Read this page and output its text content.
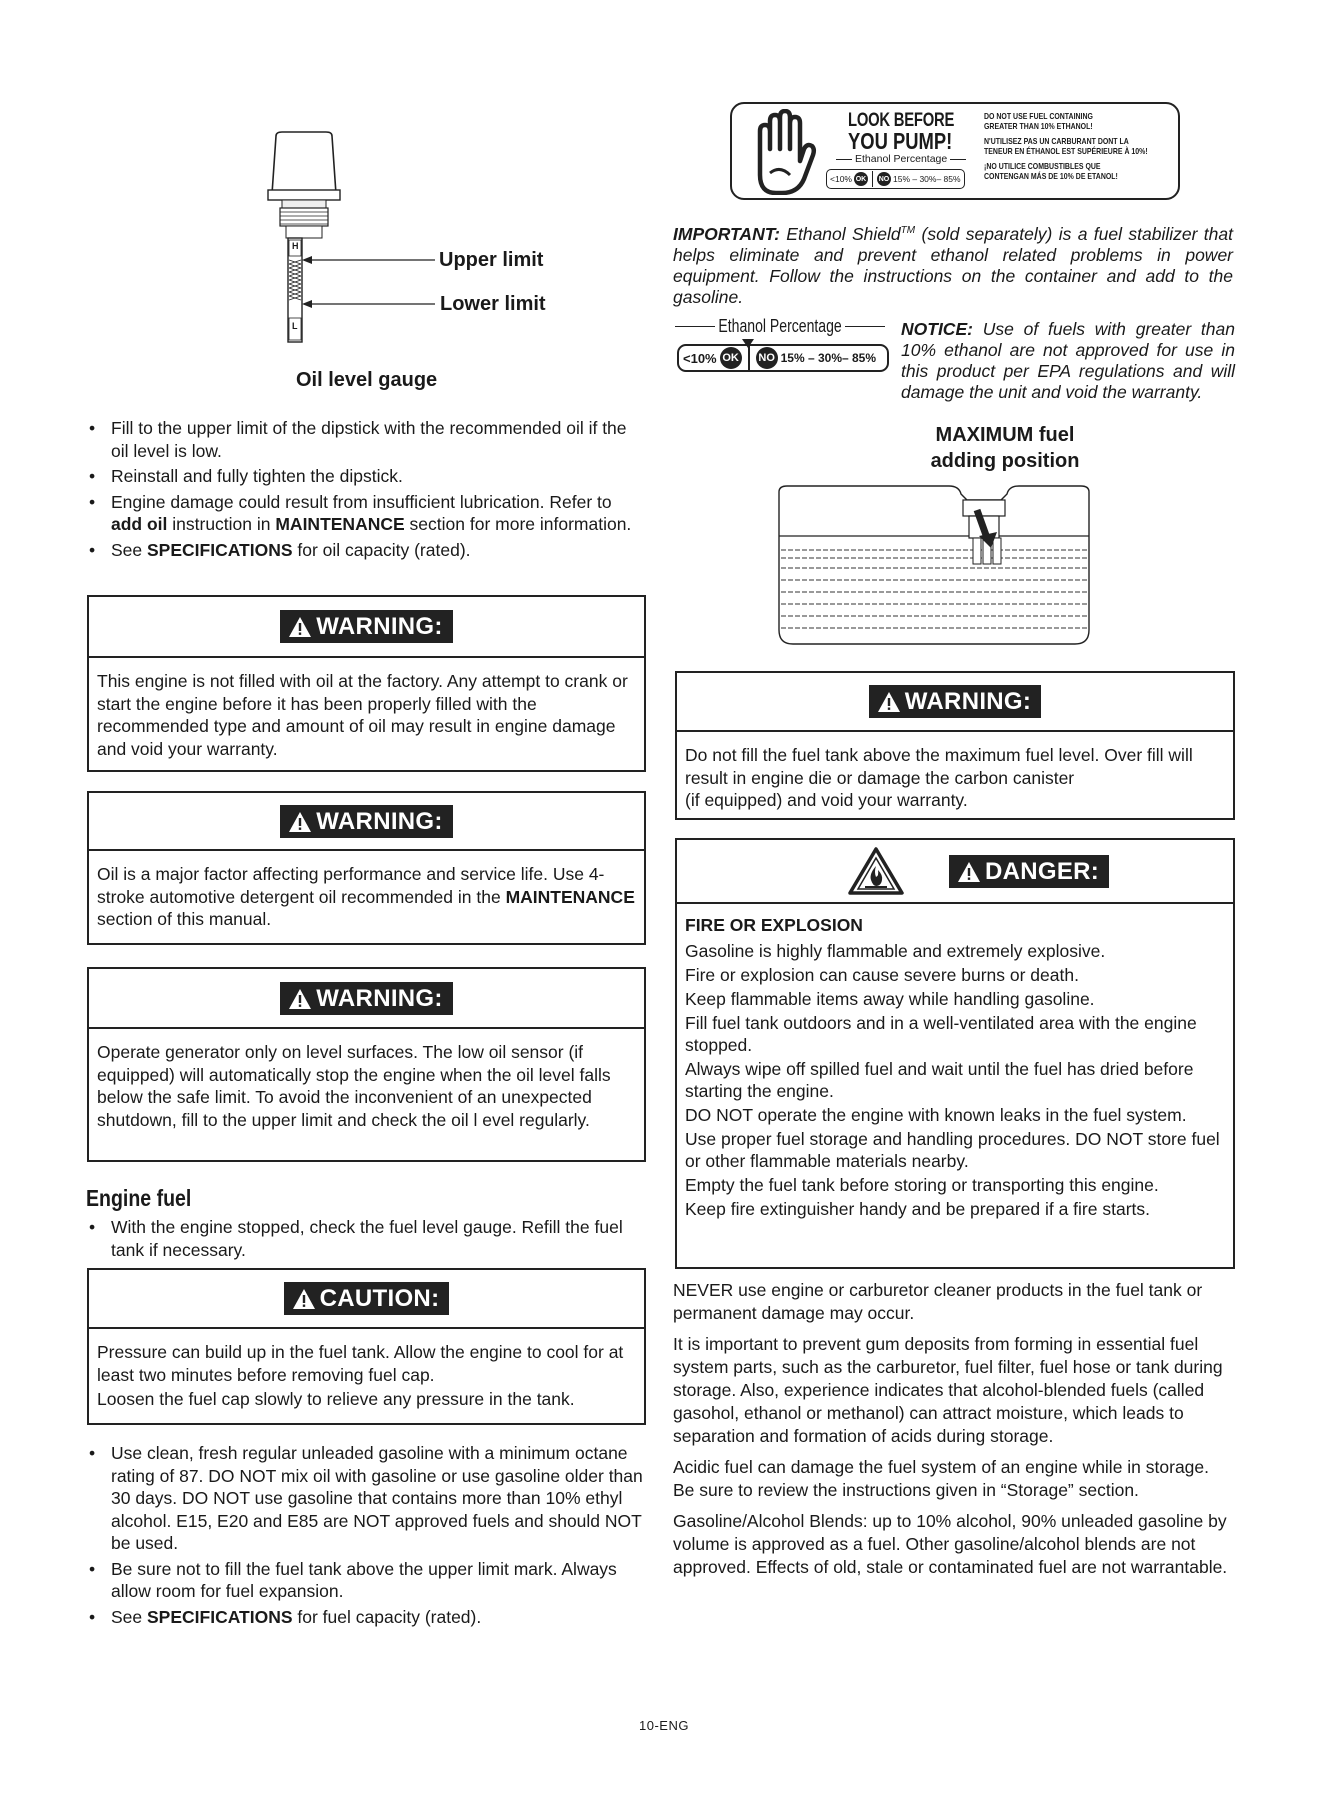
H
L
Upper limit
Lower limit
Oil level gauge
• Fill to the upper limit of the dipstick with the recommended oil if the oil level is low.
• Reinstall and fully tighten the dipstick.
• Engine damage could result from insufficient lubrication. Refer to add oil instruction in MAINTENANCE section for more information.
• See SPECIFICATIONS for oil capacity (rated).
WARNING:
This engine is not filled with oil at the factory. Any attempt to crank or start the engine before it has been properly filled with the recommended type and amount of oil may result in engine damage and void your warranty.
WARNING:
Oil is a major factor affecting performance and service life. Use 4-stroke automotive detergent oil recommended in the MAINTENANCE section of this manual.
WARNING:
Operate generator only on level surfaces. The low oil sensor (if equipped) will automatically stop the engine when the oil level falls below the safe limit. To avoid the inconvenient of an unexpected shutdown, fill to the upper limit and check the oil l evel regularly.
Engine fuel
• With the engine stopped, check the fuel level gauge. Refill the fuel tank if necessary.
CAUTION:

Pressure can build up in the fuel tank. Allow the engine to cool for at least two minutes before removing fuel cap.

Loosen the fuel cap slowly to relieve any pressure in the tank.

• Use clean, fresh regular unleaded gasoline with a minimum octane rating of 87. DO NOT mix oil with gasoline or use gasoline older than 30 days. DO NOT use gasoline that contains more than 10% ethyl alcohol. E15, E20 and E85 are NOT approved fuels and should NOT be used.
• Be sure not to fill the fuel tank above the upper limit mark. Always allow room for fuel expansion.
• See SPECIFICATIONS for fuel capacity (rated).
LOOK BEFORE
YOU PUMP!
Ethanol Percentage
<10% OK NO 15% – 30%– 85%
DO NOT USE FUEL CONTAINING
GREATER THAN 10% ETHANOL!
N'UTILISEZ PAS UN CARBURANT DONT LA
TENEUR EN ÉTHANOL EST SUPÉRIEURE À 10%!
¡NO UTILICE COMBUSTIBLES QUE
CONTENGAN MÁS DE 10% DE ETANOL!
IMPORTANT: Ethanol Shield™ (sold separately) is a fuel stabilizer that helps eliminate and prevent ethanol related problems in power equipment. Follow the instructions on the container and add to the gasoline.
Ethanol Percentage
<10% OK NO 15% – 30%– 85%
NOTICE: Use of fuels with greater than 10% ethanol are not approved for use in this product per EPA regulations and will damage the unit and void the warranty.
MAXIMUM fuel
adding position
WARNING:

Do not fill the fuel tank above the maximum fuel level. Over fill will result in engine die or damage the carbon canister

(if equipped) and void your warranty.

DANGER:

FIRE OR EXPLOSION

Gasoline is highly flammable and extremely explosive.

Fire or explosion can cause severe burns or death.

Keep flammable items away while handling gasoline.

Fill fuel tank outdoors and in a well-ventilated area with the engine stopped.

Always wipe off spilled fuel and wait until the fuel has dried before starting the engine.

DO NOT operate the engine with known leaks in the fuel system.

Use proper fuel storage and handling procedures. DO NOT store fuel or other flammable materials nearby.

Empty the fuel tank before storing or transporting this engine.

Keep fire extinguisher handy and be prepared if a fire starts.

NEVER use engine or carburetor cleaner products in the fuel tank or permanent damage may occur.

It is important to prevent gum deposits from forming in essential fuel system parts, such as the carburetor, fuel filter, fuel hose or tank during storage. Also, experience indicates that alcohol-blended fuels (called gasohol, ethanol or methanol) can attract moisture, which leads to separation and formation of acids during storage.

Acidic fuel can damage the fuel system of an engine while in storage. Be sure to review the instructions given in “Storage” section.

Gasoline/Alcohol Blends: up to 10% alcohol, 90% unleaded gasoline by volume is approved as a fuel. Other gasoline/alcohol blends are not approved. Effects of old, stale or contaminated fuel are not warrantable.

10-ENG
